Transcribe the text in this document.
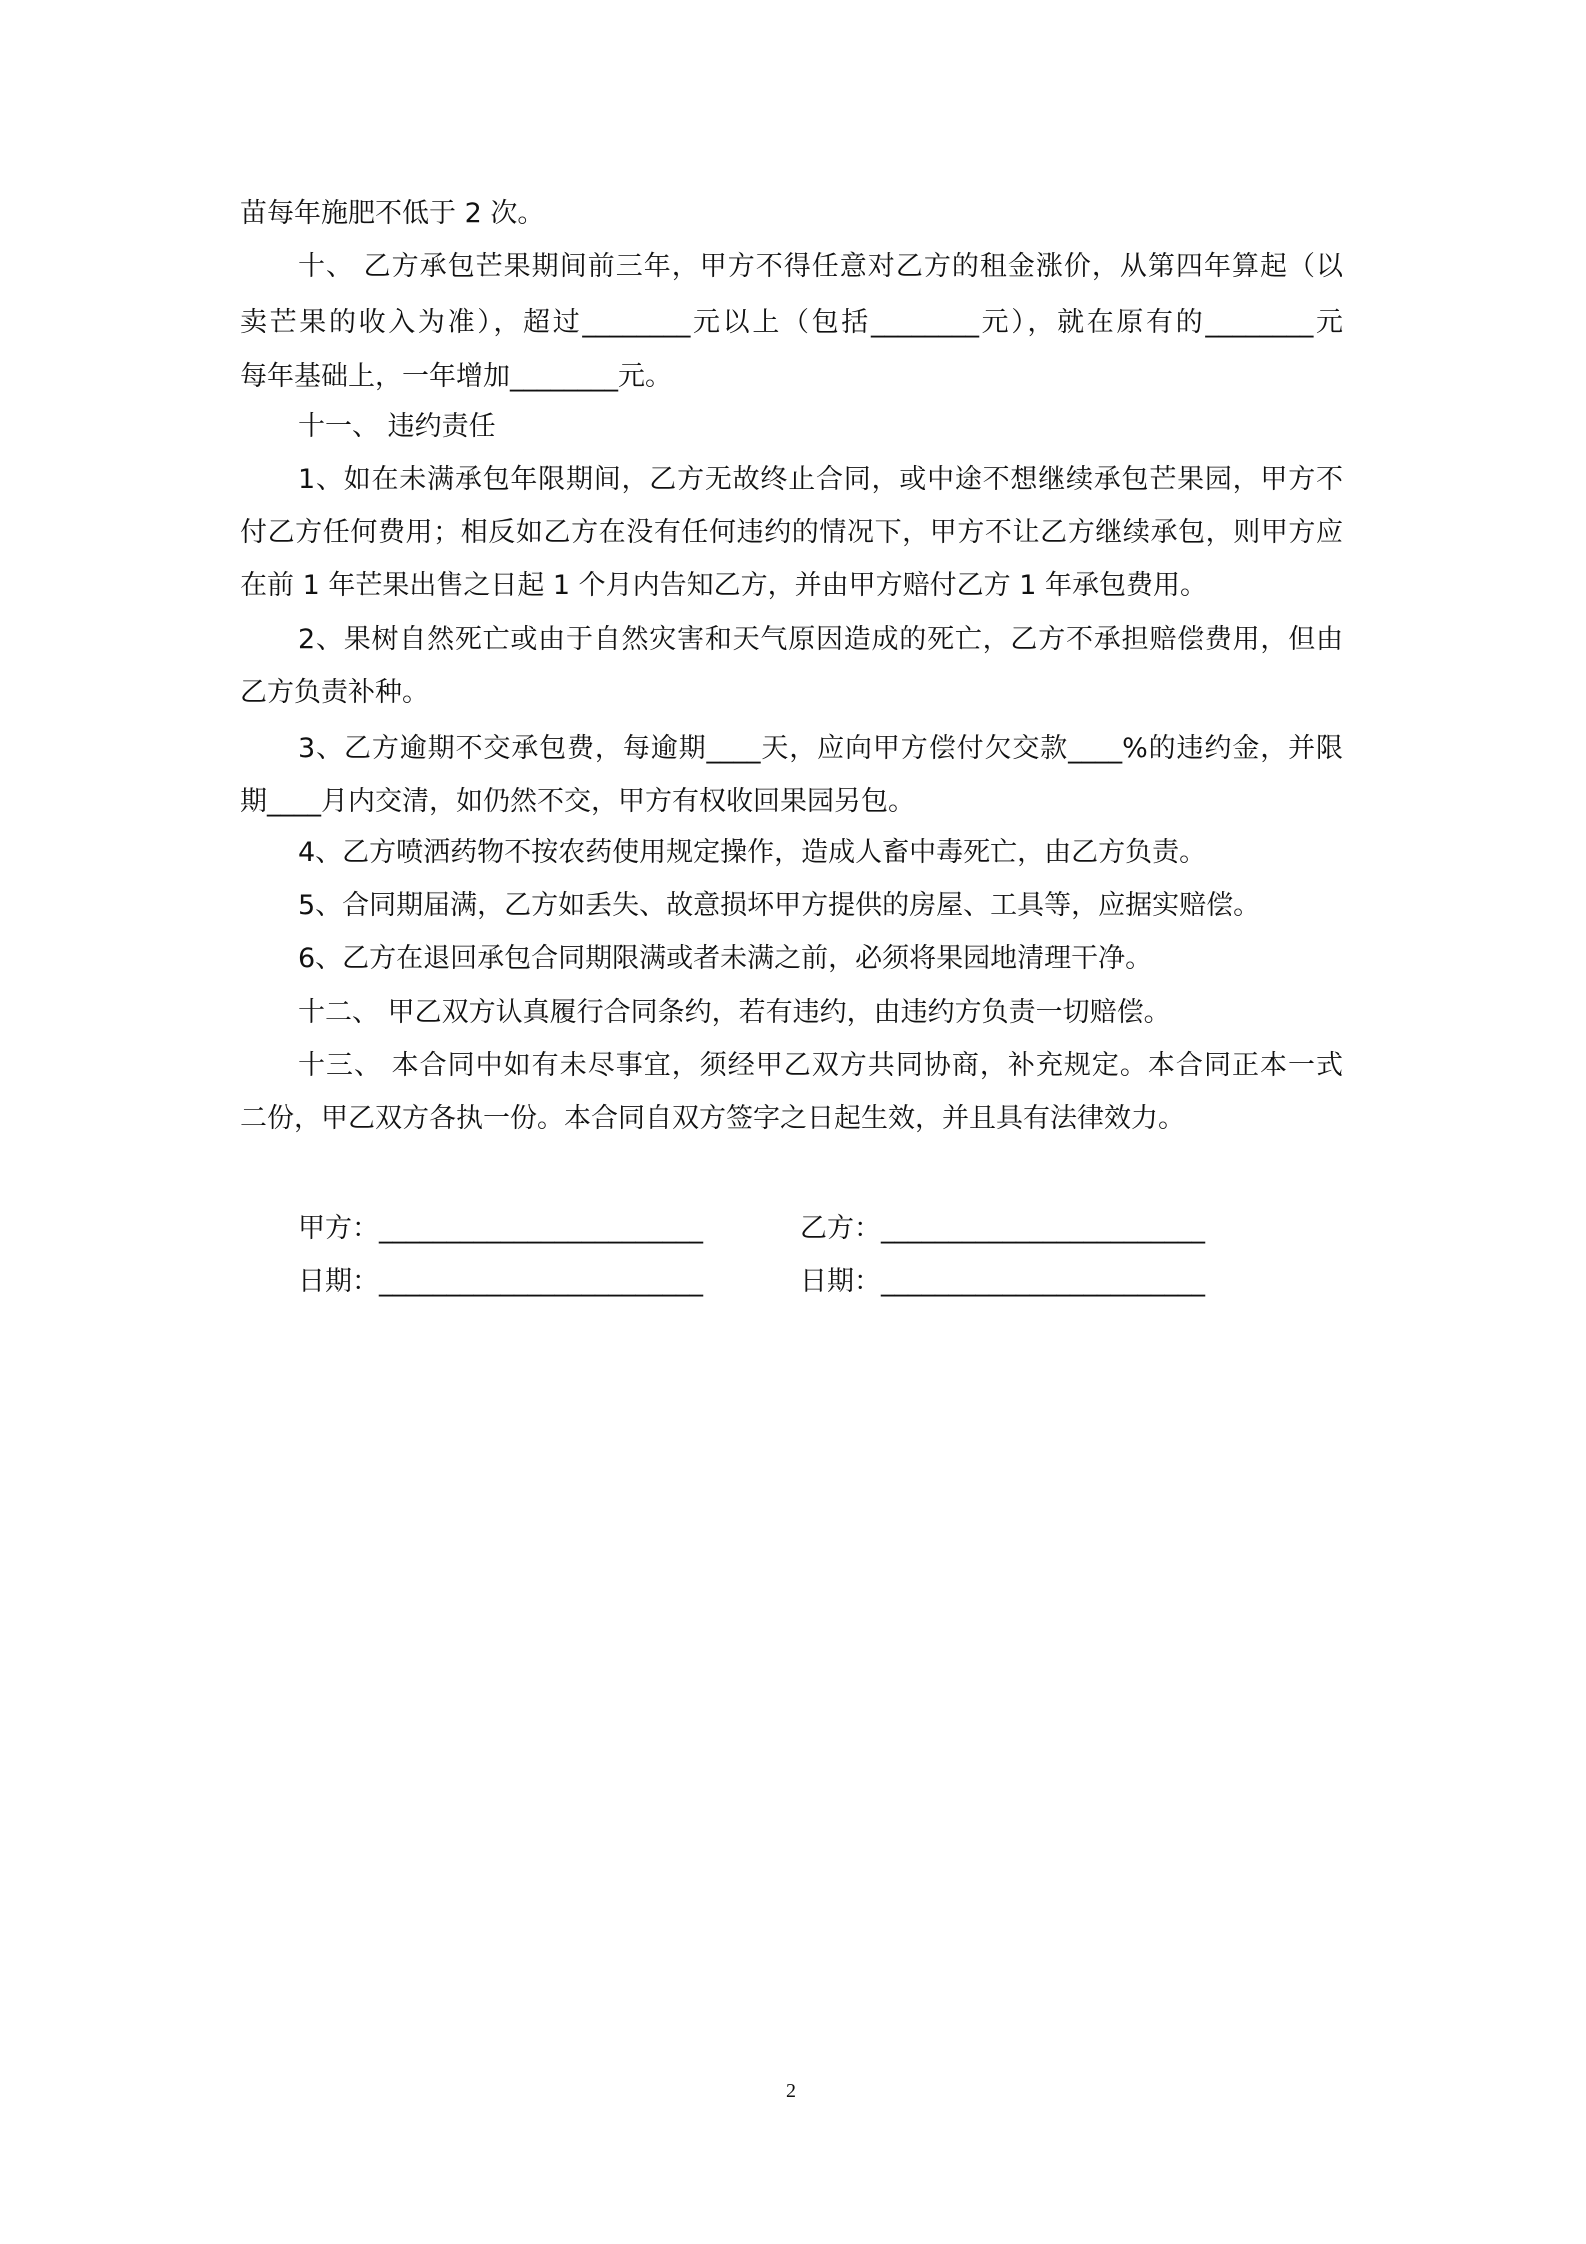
苗每年施肥不低于 2 次。
十、 乙方承包芒果期间前三年，甲方不得任意对乙方的租金涨价，从第四年算起（以
卖芒果的收入为准），超过________元以上（包括________元），就在原有的________元
每年基础上，一年增加________元。
十一、 违约责任
1、如在未满承包年限期间，乙方无故终止合同，或中途不想继续承包芒果园，甲方不
付乙方任何费用；相反如乙方在没有任何违约的情况下，甲方不让乙方继续承包，则甲方应
在前 1 年芒果出售之日起 1 个月内告知乙方，并由甲方赔付乙方 1 年承包费用。
2、果树自然死亡或由于自然灾害和天气原因造成的死亡，乙方不承担赔偿费用，但由
乙方负责补种。
3、乙方逾期不交承包费，每逾期____天，应向甲方偿付欠交款____%的违约金，并限
期____月内交清，如仍然不交，甲方有权收回果园另包。
4、乙方喷洒药物不按农药使用规定操作，造成人畜中毒死亡，由乙方负责。
5、合同期届满，乙方如丢失、故意损坏甲方提供的房屋、工具等，应据实赔偿。
6、乙方在退回承包合同期限满或者未满之前，必须将果园地清理干净。
十二、 甲乙双方认真履行合同条约，若有违约，由违约方负责一切赔偿。
十三、 本合同中如有未尽事宜，须经甲乙双方共同协商，补充规定。本合同正本一式
二份，甲乙双方各执一份。本合同自双方签字之日起生效，并且具有法律效力。
甲方：________________________	乙方：________________________
日期：________________________	日期：________________________
2
